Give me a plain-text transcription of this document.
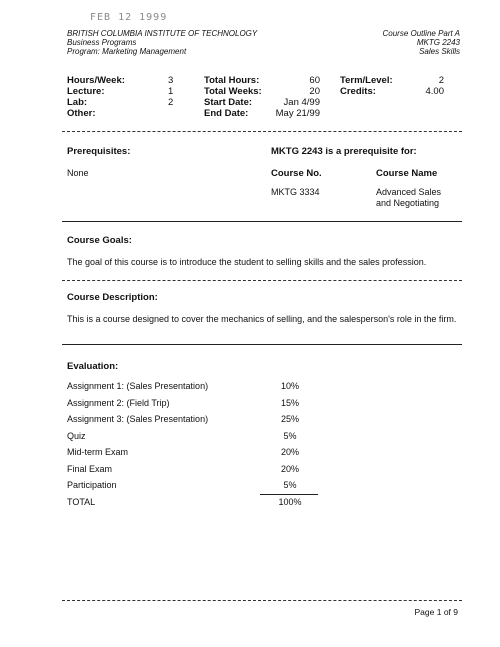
FEB 12 1999
BRITISH COLUMBIA INSTITUTE OF TECHNOLOGY
Business Programs
Program: Marketing Management
Course Outline Part A
MKTG 2243
Sales Skills
Hours/Week:	3
Lecture:	1
Lab:	2
Other:
Total Hours:	60
Total Weeks:	20
Start Date:	Jan 4/99
End Date:	May 21/99
Term/Level:	2
Credits:	4.00
Prerequisites:
None
MKTG 2243 is a prerequisite for:
Course No.	Course Name
MKTG 3334	Advanced Sales and Negotiating
Course Goals:
The goal of this course is to introduce the student to selling skills and the sales profession.
Course Description:
This is a course designed to cover the mechanics of selling, and the salesperson's role in the firm.
Evaluation:
Assignment 1: (Sales Presentation)	10%
Assignment 2: (Field Trip)	15%
Assignment 3: (Sales Presentation)	25%
Quiz	5%
Mid-term Exam	20%
Final Exam	20%
Participation	5%
TOTAL	100%
Page 1 of 9
